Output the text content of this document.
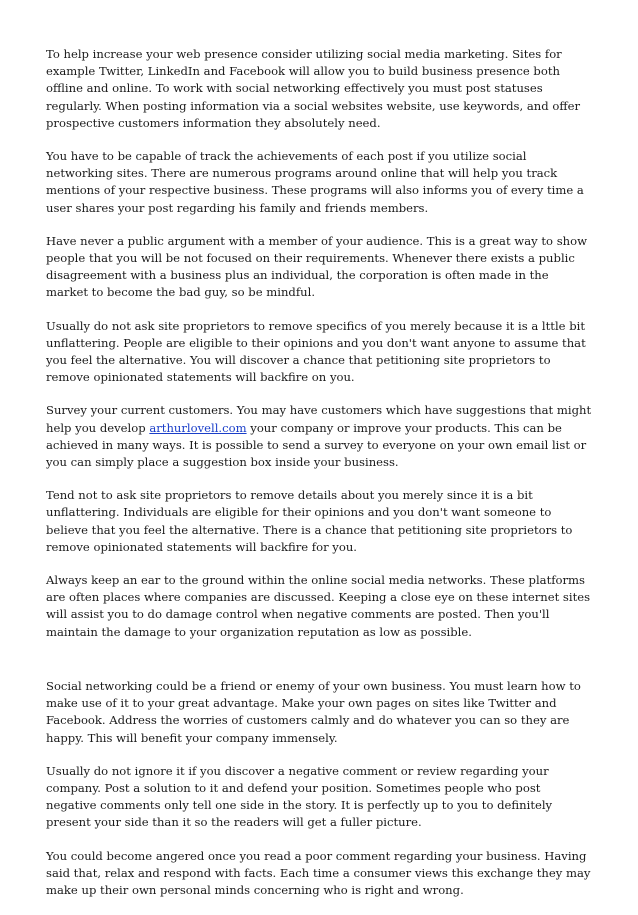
To help increase your web presence consider utilizing social media marketing. Sites for example Twitter, LinkedIn and Facebook will allow you to build business presence both offline and online. To work with social networking effectively you must post statuses regularly. When posting information via a social websites website, use keywords, and offer prospective customers information they absolutely need.

You have to be capable of track the achievements of each post if you utilize social networking sites. There are numerous programs around online that will help you track mentions of your respective business. These programs will also informs you of every time a user shares your post regarding his family and friends members.

Have never a public argument with a member of your audience. This is a great way to show people that you will be not focused on their requirements. Whenever there exists a public disagreement with a business plus an individual, the corporation is often made in the market to become the bad guy, so be mindful.

Usually do not ask site proprietors to remove specifics of you merely because it is a lttle bit unflattering. People are eligible to their opinions and you don't want anyone to assume that you feel the alternative. You will discover a chance that petitioning site proprietors to remove opinionated statements will backfire on you.

Survey your current customers. You may have customers which have suggestions that might help you develop arthurlovell.com your company or improve your products. This can be achieved in many ways. It is possible to send a survey to everyone on your own email list or you can simply place a suggestion box inside your business.

Tend not to ask site proprietors to remove details about you merely since it is a bit unflattering. Individuals are eligible for their opinions and you don't want someone to believe that you feel the alternative. There is a chance that petitioning site proprietors to remove opinionated statements will backfire for you.

Always keep an ear to the ground within the online social media networks. These platforms are often places where companies are discussed. Keeping a close eye on these internet sites will assist you to do damage control when negative comments are posted. Then you'll maintain the damage to your organization reputation as low as possible.

Social networking could be a friend or enemy of your own business. You must learn how to make use of it to your great advantage. Make your own pages on sites like Twitter and Facebook. Address the worries of customers calmly and do whatever you can so they are happy. This will benefit your company immensely.

Usually do not ignore it if you discover a negative comment or review regarding your company. Post a solution to it and defend your position. Sometimes people who post negative comments only tell one side in the story. It is perfectly up to you to definitely present your side than it so the readers will get a fuller picture.

You could become angered once you read a poor comment regarding your business. Having said that, relax and respond with facts. Each time a consumer views this exchange they may make up their own personal minds concerning who is right and wrong.
